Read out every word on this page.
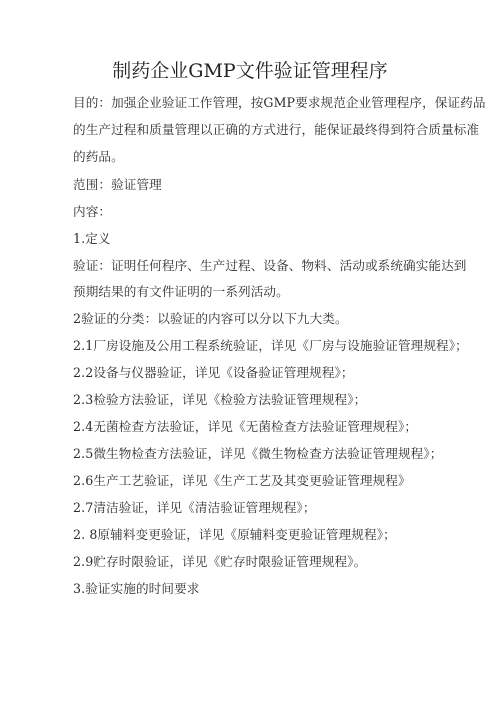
制药企业GMP文件验证管理程序
目的：加强企业验证工作管理，按GMP要求规范企业管理程序，保证药品
的生产过程和质量管理以正确的方式进行，能保证最终得到符合质量标准
的药品。
范围：验证管理
内容：
1.定义
验证：证明任何程序、生产过程、设备、物料、活动或系统确实能达到
预期结果的有文件证明的一系列活动。
2验证的分类：以验证的内容可以分以下九大类。
2.1厂房设施及公用工程系统验证，详见《厂房与设施验证管理规程》；
2.2设备与仪器验证，详见《设备验证管理规程》；
2.3检验方法验证，详见《检验方法验证管理规程》；
2.4无菌检查方法验证，详见《无菌检查方法验证管理规程》；
2.5微生物检查方法验证，详见《微生物检查方法验证管理规程》；
2.6生产工艺验证，详见《生产工艺及其变更验证管理规程》
2.7清洁验证，详见《清洁验证管理规程》；
2. 8原辅料变更验证，详见《原辅料变更验证管理规程》；
2.9贮存时限验证，详见《贮存时限验证管理规程》。
3.验证实施的时间要求
